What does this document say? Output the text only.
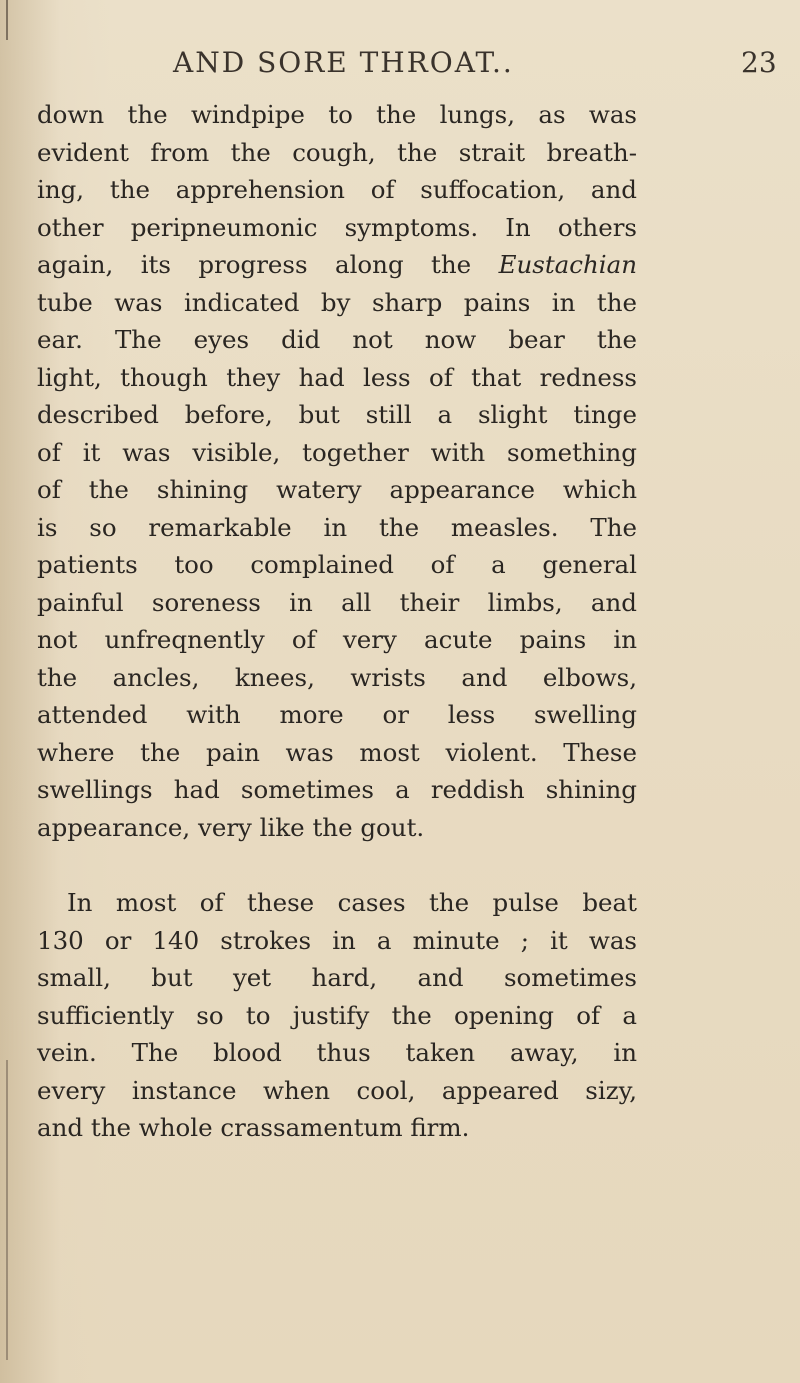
AND SORE THROAT..	23
down the windpipe to the lungs, as was
evident from the cough, the strait breath-
ing, the apprehension of suffocation, and
other peripneumonic symptoms. In others
again, its progress along the Eustachian
tube was indicated by sharp pains in the
ear. The eyes did not now bear the
light, though they had less of that redness
described before, but still a slight tinge
of it was visible, together with something
of the shining watery appearance which
is so remarkable in the measles. The
patients too complained of a general
painful soreness in all their limbs, and
not unfreqnently of very acute pains in
the ancles, knees, wrists and elbows,
attended with more or less swelling
where the pain was most violent. These
swellings had sometimes a reddish shining
appearance, very like the gout.
In most of these cases the pulse beat
130 or 140 strokes in a minute ; it was
small, but yet hard, and sometimes
sufficiently so to justify the opening of a
vein. The blood thus taken away, in
every instance when cool, appeared sizy,
and the whole crassamentum firm.
